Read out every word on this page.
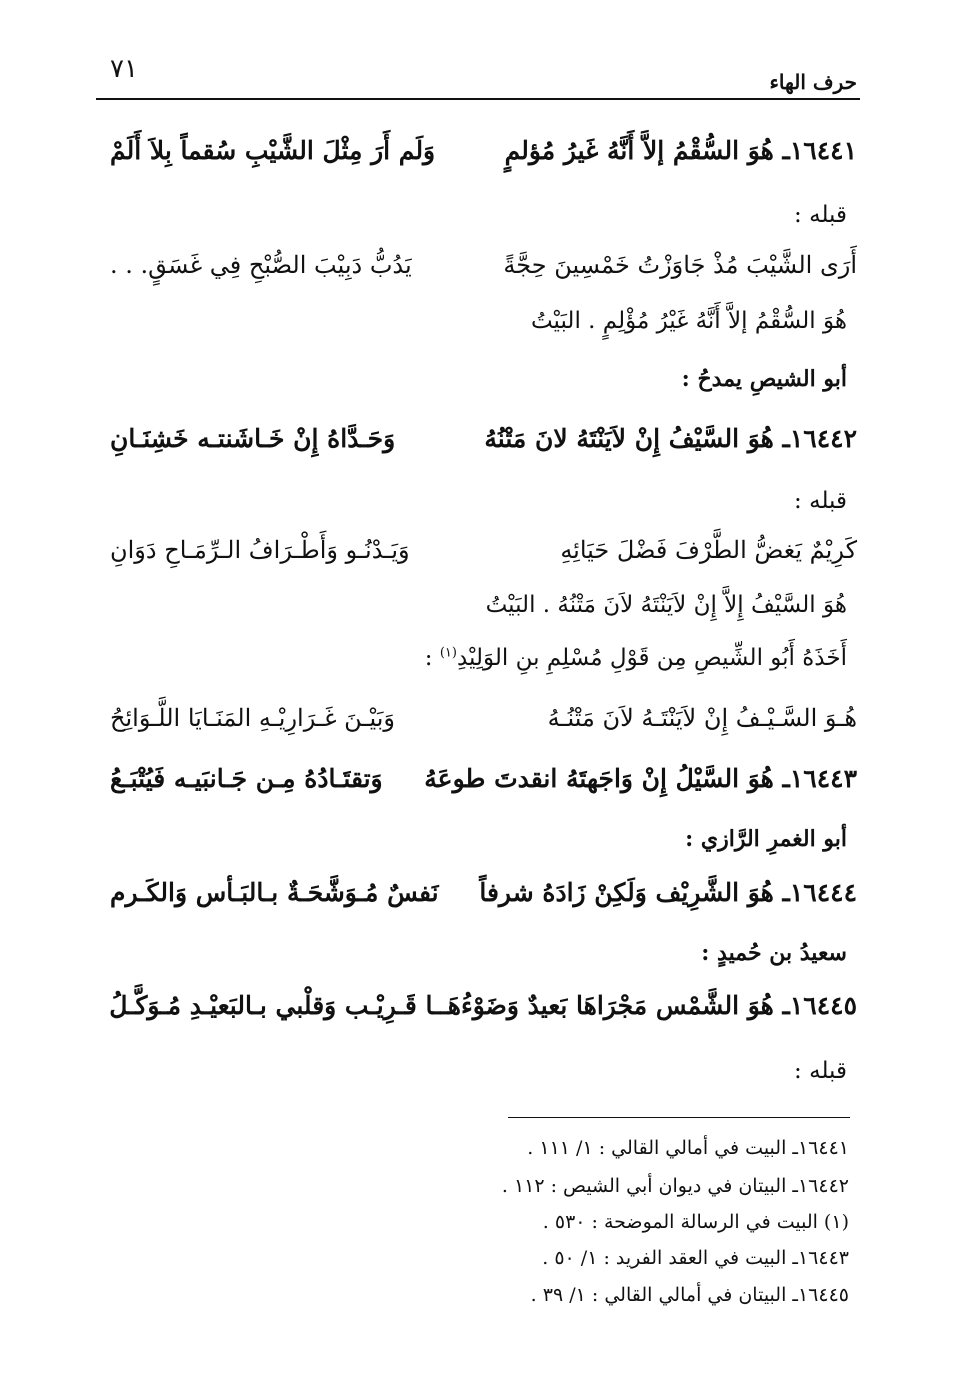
٧١	حرف الهاء
١٦٤٤١ـ هُوَ السُّقْمُ إلاَّ أَنَّهُ غَيرُ مُؤلمٍ
وَلَم أَرَ مِثْلَ الشَّيْبِ سُقماً بِلاَ أَلَمْ
قبله :
أَرَى الشَّيْبَ مُذْ جَاوَزْتُ خَمْسِينَ حِجَّةً
يَدُبُّ دَبِيْبَ الصُّبْحِ فِي غَسَقٍ. . .
هُوَ السُّقْمُ إلاَّ أَنَّهُ غَيْرُ مُؤْلِمٍ . البَيْتُ
أبو الشيصِ يمدحُ :
١٦٤٤٢ـ هُوَ السَّيْفُ إِنْ لاَيَنْتَهُ لانَ مَتْنُهُ
وَحَـدَّاهُ إِنْ خَـاشَنتـه خَشِنَـانِ
قبله :
كَرِيْمٌ يَغضُّ الطَّرْفَ فَضْلَ حَيَائِهِ
وَيَـدْنُـو وَأَطْـرَافُ الـرِّمَـاحِ دَوَانِ
هُوَ السَّيْفُ إِلاَّ إِنْ لاَيَنْتَهُ لاَنَ مَتْنُهُ . البَيْتُ
أَخَذَهُ أَبُو الشِّيصِ مِن قَوْلِ مُسْلِمِ بنِ الوَلِيْدِ$^{(١)}$ :
هُـوَ السَّـيْـفُ إِنْ لاَيَنْتَـهُ لاَنَ مَتْنُـهُ
وَبَيْـنَ غَـرَارِيْـهِ المَنَـايَا اللَّـوَائِحُ
١٦٤٤٣ـ هُوَ السَّيْلُ إِنْ وَاجَهتَهُ انقدتَ طوعَهُ
وَتقتَـادُهُ مِـن جَـانبَيـه فَيُتْبَـعُ
أبو الغمرِ الرَّازي :
١٦٤٤٤ـ هُوَ الشَّرِيْف وَلَكِنْ زَادَهُ شرفاً
نَفسٌ مُـوَشَّحَـةٌ بـالبَـأس وَالكَـرم
سعيدُ بن حُميدٍ :
١٦٤٤٥ـ هُوَ الشَّمْس مَجْرَاهَا بَعيدٌ وَضَوْءُهَـ
ـا قَـرِيْـب وَقلْبي بـالبَعيْـدِ مُـوَكَّـلُ
قبله :
١٦٤٤١ـ البيت في أمالي القالي : ١/ ١١١ .
١٦٤٤٢ـ البيتان في ديوان أبي الشيص : ١١٢ .
(١) البيت في الرسالة الموضحة : ٥٣٠ .
١٦٤٤٣ـ البيت في العقد الفريد : ١/ ٥٠ .
١٦٤٤٥ـ البيتان في أمالي القالي : ١/ ٣٩ .
